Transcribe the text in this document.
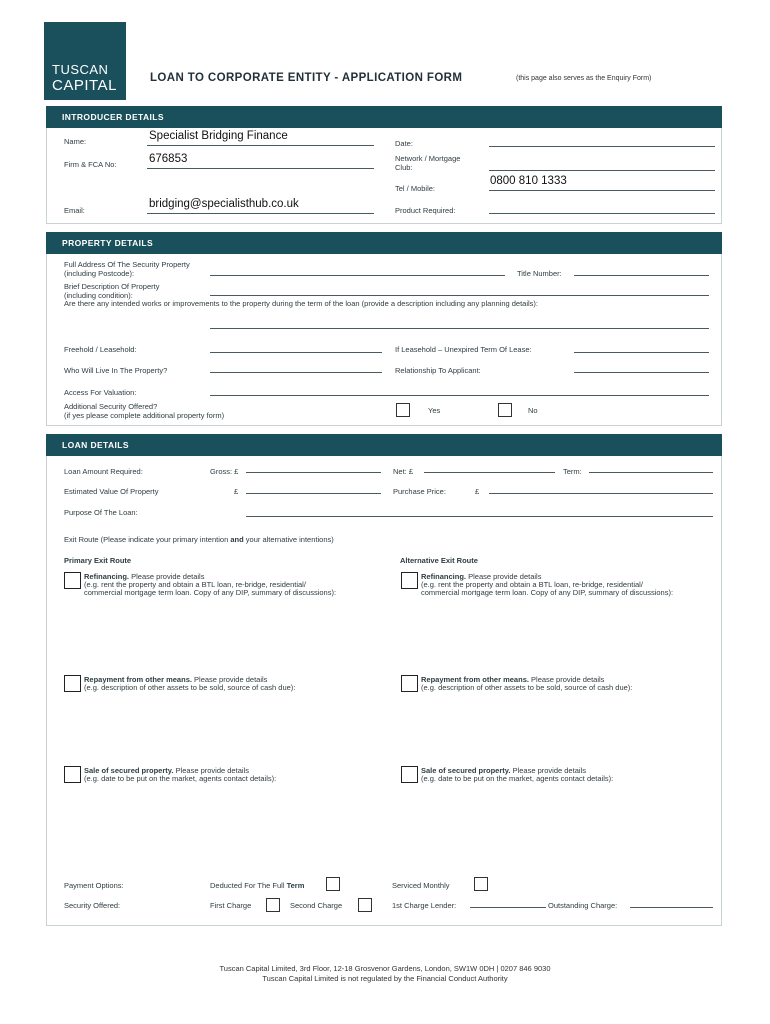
TUSCAN
CAPITAL	LOAN TO CORPORATE ENTITY - APPLICATION FORM	(this page also serves as the Enquiry Form)
INTRODUCER DETAILS
Name:	Specialist Bridging Finance
Firm & FCA No:	676853
Email:
bridging@specialisthub.co.uk
Date:
Network / Mortgage
Club:
Tel / Mobile:
0800 810 1333
Product Required:
PROPERTY DETAILS
Full Address Of The Security Property
(including Postcode):	Title Number:
Brief Description Of Property
(including condition):
Are there any intended works or improvements to the property during the term of the loan (provide a description including any planning details):
Freehold / Leasehold:	If Leasehold – Unexpired Term Of Lease:
Who Will Live In The Property?	Relationship To Applicant:
Access For Valuation:
Additional Security Offered?
(if yes please complete additional property form)
Yes	No
LOAN DETAILS
Loan Amount Required:	Gross: £	Net: £	Term:
Estimated Value Of Property	£	Purchase Price:	£
Purpose Of The Loan:
Exit Route (Please indicate your primary intention and your alternative intentions)
Primary Exit Route	Alternative Exit Route
Refinancing. Please provide details
(e.g. rent the property and obtain a BTL loan, re-bridge, residential/
commercial mortgage term loan. Copy of any DIP, summary of discussions):
Refinancing. Please provide details
(e.g. rent the property and obtain a BTL loan, re-bridge, residential/
commercial mortgage term loan. Copy of any DIP, summary of discussions):
Repayment from other means. Please provide details
(e.g. description of other assets to be sold, source of cash due):
Repayment from other means. Please provide details
(e.g. description of other assets to be sold, source of cash due):
Sale of secured property. Please provide details
(e.g. date to be put on the market, agents contact details):
Sale of secured property. Please provide details
(e.g. date to be put on the market, agents contact details):
Payment Options:	Deducted For The Full Term	Serviced Monthly
Security Offered:	First Charge	Second Charge	1st Charge Lender:	Outstanding Charge:
Tuscan Capital Limited, 3rd Floor, 12-18 Grosvenor Gardens, London, SW1W 0DH | 0207 846 9030
Tuscan Capital Limited is not regulated by the Financial Conduct Authority
